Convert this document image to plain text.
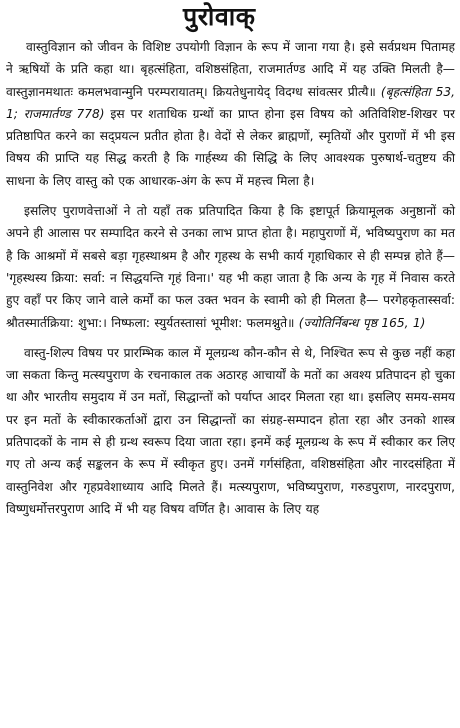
पुरोवाक्

वास्तुविज्ञान को जीवन के विशिष्ट उपयोगी विज्ञान के रूप में जाना गया है। इसे सर्वप्रथम पितामह ने ऋषियों के प्रति कहा था। बृहत्संहिता, वशिष्ठसंहिता, राजमार्तण्ड आदि में यह उक्ति मिलती है— वास्तुज्ञानमथातः कमलभवान्मुनि परम्परायातम्। क्रियतेधुनायेद् विदग्ध सांवत्सर प्रीत्यै॥ (बृहत्संहिता 53, 1; राजमार्तण्ड 778) इस पर शताधिक ग्रन्थों का प्राप्त होना इस विषय को अतिविशिष्ट-शिखर पर प्रतिष्ठापित करने का सद्प्रयत्न प्रतीत होता है। वेदों से लेकर ब्राह्मणों, स्मृतियों और पुराणों में भी इस विषय की प्राप्ति यह सिद्ध करती है कि गार्हस्थ्य की सिद्धि के लिए आवश्यक पुरुषार्थ-चतुष्टय की साधना के लिए वास्तु को एक आधारक-अंग के रूप में महत्त्व मिला है।

इसलिए पुराणवेत्ताओं ने तो यहाँ तक प्रतिपादित किया है कि इष्टापूर्त क्रियामूलक अनुष्ठानों को अपने ही आलास पर सम्पादित करने से उनका लाभ प्राप्त होता है। महापुराणों में, भविष्यपुराण का मत है कि आश्रमों में सबसे बड़ा गृहस्थाश्रम है और गृहस्थ के सभी कार्य गृहाधिकार से ही सम्पन्न होते हैं— 'गृहस्थस्य क्रिया: सर्वा: न सिद्धयन्ति गृहं विना।' यह भी कहा जाता है कि अन्य के गृह में निवास करते हुए वहाँ पर किए जाने वाले कर्मों का फल उक्त भवन के स्वामी को ही मिलता है— परगेहकृतास्सर्वा: श्रौतस्मार्तक्रिया: शुभा:। निष्फला: स्युर्यतस्तासां भूमीश: फलमश्नुते॥ (ज्योतिर्निबन्ध पृष्ठ 165, 1)

वास्तु-शिल्प विषय पर प्रारम्भिक काल में मूलग्रन्थ कौन-कौन से थे, निश्चित रूप से कुछ नहीं कहा जा सकता किन्तु मत्स्यपुराण के रचनाकाल तक अठारह आचार्यों के मतों का अवश्य प्रतिपादन हो चुका था और भारतीय समुदाय में उन मतों, सिद्धान्तों को पर्याप्त आदर मिलता रहा था। इसलिए समय-समय पर इन मतों के स्वीकारकर्ताओं द्वारा उन सिद्धान्तों का संग्रह-सम्पादन होता रहा और उनको शास्त्र प्रतिपादकों के नाम से ही ग्रन्थ स्वरूप दिया जाता रहा। इनमें कई मूलग्रन्थ के रूप में स्वीकार कर लिए गए तो अन्य कई सङ्कलन के रूप में स्वीकृत हुए। उनमें गर्गसंहिता, वशिष्ठसंहिता और नारदसंहिता में वास्तुनिवेश और गृहप्रवेशाध्याय आदि मिलते हैं। मत्स्यपुराण, भविष्यपुराण, गरुडपुराण, नारदपुराण, विष्णुधर्मोत्तरपुराण आदि में भी यह विषय वर्णित है। आवास के लिए यह
